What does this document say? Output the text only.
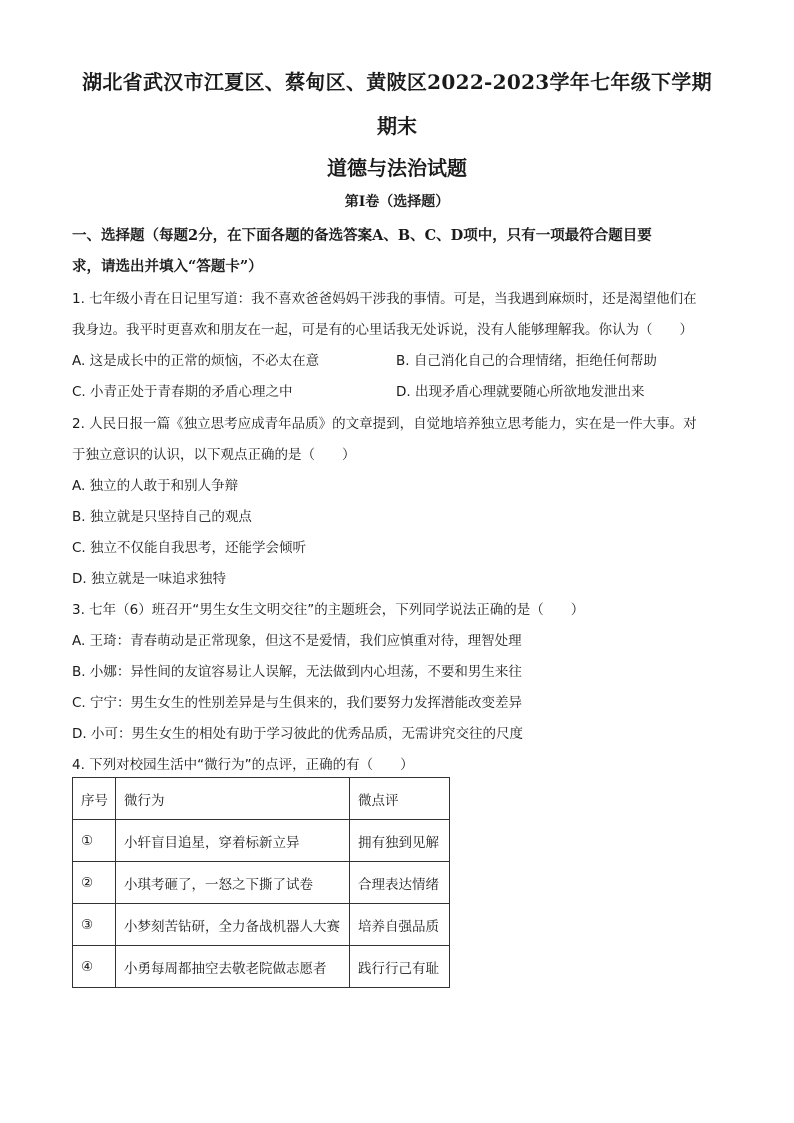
湖北省武汉市江夏区、蔡甸区、黄陂区2022-2023学年七年级下学期
期末
道德与法治试题
第I卷（选择题）
一、选择题（每题2分，在下面各题的备选答案A、B、C、D项中，只有一项最符合题目要
求，请选出并填入“答题卡”）
1. 七年级小青在日记里写道：我不喜欢爸爸妈妈干涉我的事情。可是，当我遇到麻烦时，还是渴望他们在
我身边。我平时更喜欢和朋友在一起，可是有的心里话我无处诉说，没有人能够理解我。你认为（　　）
A. 这是成长中的正常的烦恼，不必太在意	B. 自己消化自己的合理情绪，拒绝任何帮助
C. 小青正处于青春期的矛盾心理之中	D. 出现矛盾心理就要随心所欲地发泄出来
2. 人民日报一篇《独立思考应成青年品质》的文章提到，自觉地培养独立思考能力，实在是一件大事。对
于独立意识的认识，以下观点正确的是（　　）
A. 独立的人敢于和别人争辩
B. 独立就是只坚持自己的观点
C. 独立不仅能自我思考，还能学会倾听
D. 独立就是一味追求独特
3. 七年（6）班召开“男生女生文明交往”的主题班会，下列同学说法正确的是（　　）
A. 王琦：青春萌动是正常现象，但这不是爱情，我们应慎重对待，理智处理
B. 小娜：异性间的友谊容易让人误解，无法做到内心坦荡，不要和男生来往
C. 宁宁：男生女生的性别差异是与生俱来的，我们要努力发挥潜能改变差异
D. 小可：男生女生的相处有助于学习彼此的优秀品质，无需讲究交往的尺度
4. 下列对校园生活中“微行为”的点评，正确的有（　　）
序号	微行为	微点评
①	小轩盲目追星，穿着标新立异	拥有独到见解
②	小琪考砸了，一怒之下撕了试卷	合理表达情绪
③	小梦刻苦钻研，全力备战机器人大赛	培养自强品质
④	小勇每周都抽空去敬老院做志愿者	践行行己有耻
